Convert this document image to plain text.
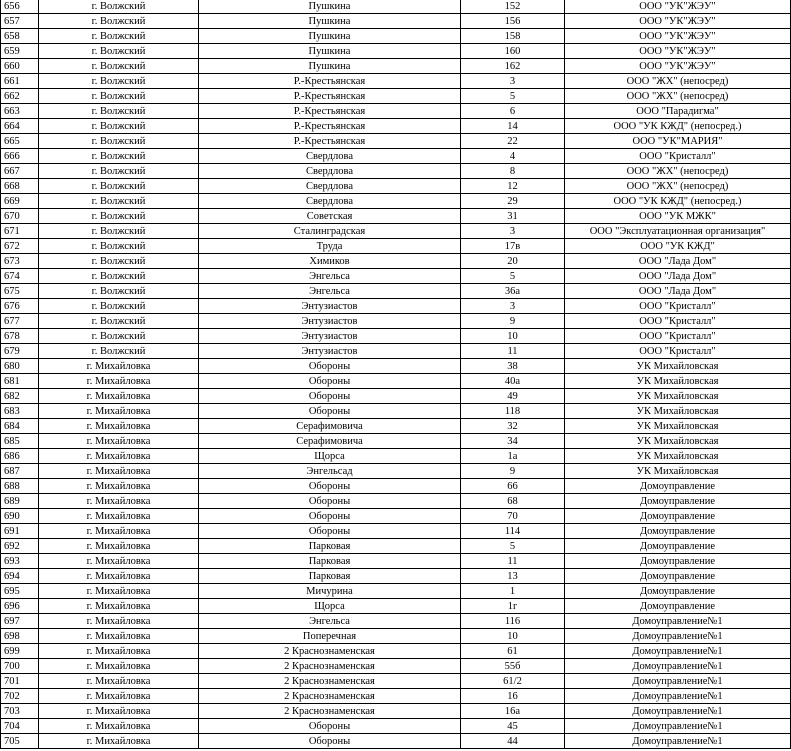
656	г. Волжский	Пушкина	152	ООО "УК"ЖЭУ"
657	г. Волжский	Пушкина	156	ООО "УК"ЖЭУ"
658	г. Волжский	Пушкина	158	ООО "УК"ЖЭУ"
659	г. Волжский	Пушкина	160	ООО "УК"ЖЭУ"
660	г. Волжский	Пушкина	162	ООО "УК"ЖЭУ"
661	г. Волжский	Р.-Крестьянская	3	ООО "ЖХ" (непосред)
662	г. Волжский	Р.-Крестьянская	5	ООО "ЖХ" (непосред)
663	г. Волжский	Р.-Крестьянская	6	ООО "Парадигма"
664	г. Волжский	Р.-Крестьянская	14	ООО "УК КЖД" (непосред.)
665	г. Волжский	Р.-Крестьянская	22	ООО "УК"МАРИЯ"
666	г. Волжский	Свердлова	4	ООО "Кристалл"
667	г. Волжский	Свердлова	8	ООО "ЖХ" (непосред)
668	г. Волжский	Свердлова	12	ООО "ЖХ" (непосред)
669	г. Волжский	Свердлова	29	ООО "УК КЖД" (непосред.)
670	г. Волжский	Советская	31	ООО "УК МЖК"
671	г. Волжский	Сталинградская	3	ООО "Эксплуатационная организация"
672	г. Волжский	Труда	17в	ООО "УК КЖД"
673	г. Волжский	Химиков	20	ООО "Лада Дом"
674	г. Волжский	Энгельса	5	ООО "Лада Дом"
675	г. Волжский	Энгельса	36а	ООО "Лада Дом"
676	г. Волжский	Энтузиастов	3	ООО "Кристалл"
677	г. Волжский	Энтузиастов	9	ООО "Кристалл"
678	г. Волжский	Энтузиастов	10	ООО "Кристалл"
679	г. Волжский	Энтузиастов	11	ООО "Кристалл"
680	г. Михайловка	Обороны	38	УК Михайловская
681	г. Михайловка	Обороны	40а	УК Михайловская
682	г. Михайловка	Обороны	49	УК Михайловская
683	г. Михайловка	Обороны	118	УК Михайловская
684	г. Михайловка	Серафимовича	32	УК Михайловская
685	г. Михайловка	Серафимовича	34	УК Михайловская
686	г. Михайловка	Щорса	1а	УК Михайловская
687	г. Михайловка	Энгельсад	9	УК Михайловская
688	г. Михайловка	Обороны	66	Домоуправление
689	г. Михайловка	Обороны	68	Домоуправление
690	г. Михайловка	Обороны	70	Домоуправление
691	г. Михайловка	Обороны	114	Домоуправление
692	г. Михайловка	Парковая	5	Домоуправление
693	г. Михайловка	Парковая	11	Домоуправление
694	г. Михайловка	Парковая	13	Домоуправление
695	г. Михайловка	Мичурина	1	Домоуправление
696	г. Михайловка	Щорса	1г	Домоуправление
697	г. Михайловка	Энгельса	116	Домоуправление№1
698	г. Михайловка	Поперечная	10	Домоуправление№1
699	г. Михайловка	2 Краснознаменская	61	Домоуправление№1
700	г. Михайловка	2 Краснознаменская	55б	Домоуправление№1
701	г. Михайловка	2 Краснознаменская	61/2	Домоуправление№1
702	г. Михайловка	2 Краснознаменская	16	Домоуправление№1
703	г. Михайловка	2 Краснознаменская	16а	Домоуправление№1
704	г. Михайловка	Обороны	45	Домоуправление№1
705	г. Михайловка	Обороны	44	Домоуправление№1
